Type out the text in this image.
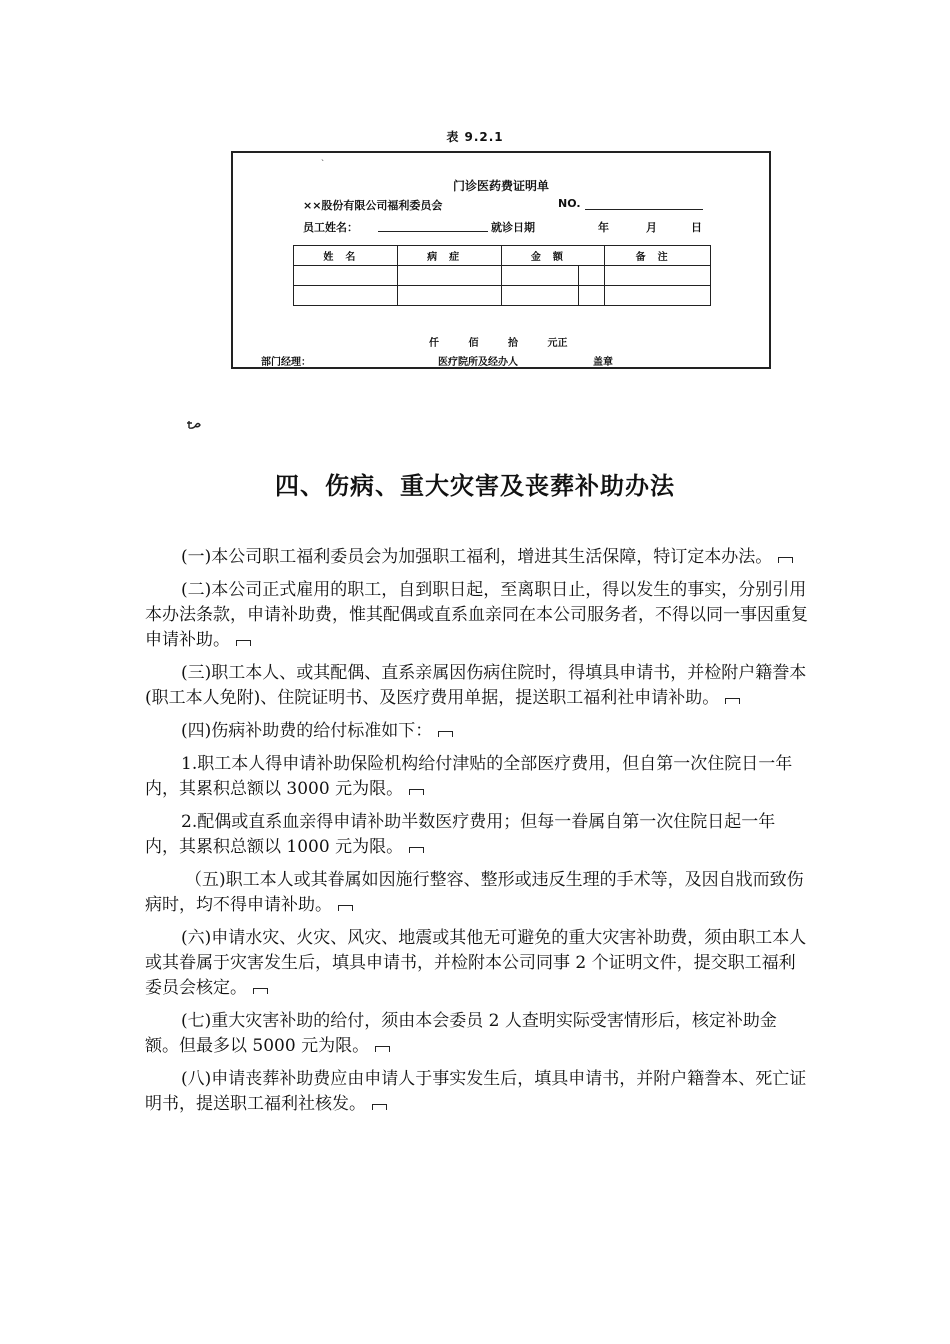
表 9.2.1
ˋ
门诊医药费证明单
××股份有限公司福利委员会	NO.
员工姓名：	就诊日期	年	月	日
姓名	病症	金额		备注

仟 佰 拾 元正
部门经理：	医疗院所及经办人	盖章
四、伤病、重大灾害及丧葬补助办法

(一)本公司职工福利委员会为加强职工福利，增进其生活保障，特订定本办法。

(二)本公司正式雇用的职工，自到职日起，至离职日止，得以发生的事实，分别引用本办法条款，申请补助费，惟其配偶或直系血亲同在本公司服务者，不得以同一事因重复申请补助。

(三)职工本人、或其配偶、直系亲属因伤病住院时，得填具申请书，并检附户籍誊本(职工本人免附)、住院证明书、及医疗费用单据，提送职工福利社申请补助。

(四)伤病补助费的给付标准如下：

1.职工本人得申请补助保险机构给付津贴的全部医疗费用，但自第一次住院日一年内，其累积总额以 3000 元为限。

2.配偶或直系血亲得申请补助半数医疗费用；但每一眷属自第一次住院日起一年内，其累积总额以 1000 元为限。

（五)职工本人或其眷属如因施行整容、整形或违反生理的手术等，及因自戕而致伤病时，均不得申请补助。

(六)申请水灾、火灾、风灾、地震或其他无可避免的重大灾害补助费，须由职工本人或其眷属于灾害发生后，填具申请书，并检附本公司同事 2 个证明文件，提交职工福利委员会核定。

(七)重大灾害补助的给付，须由本会委员 2 人查明实际受害情形后，核定补助金额。但最多以 5000 元为限。

(八)申请丧葬补助费应由申请人于事实发生后，填具申请书，并附户籍誊本、死亡证明书，提送职工福利社核发。
